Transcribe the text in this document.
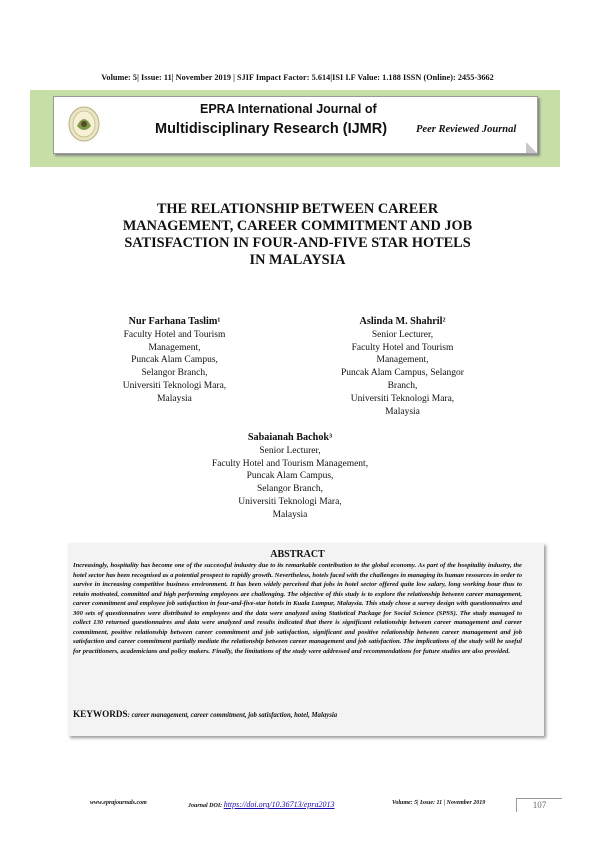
Volume: 5| Issue: 11| November 2019 | SJIF Impact Factor: 5.614|ISI I.F Value: 1.188 ISSN (Online): 2455-3662
EPRA International Journal of
Multidisciplinary Research (IJMR)	Peer Reviewed Journal
THE RELATIONSHIP BETWEEN CAREER
MANAGEMENT, CAREER COMMITMENT AND JOB
SATISFACTION IN FOUR-AND-FIVE STAR HOTELS
IN MALAYSIA
Nur Farhana Taslim¹
Faculty Hotel and Tourism
Management,
Puncak Alam Campus,
Selangor Branch,
Universiti Teknologi Mara,
Malaysia
Aslinda M. Shahril²
Senior Lecturer,
Faculty Hotel and Tourism
Management,
Puncak Alam Campus, Selangor
Branch,
Universiti Teknologi Mara,
Malaysia
Sabaianah Bachok³
Senior Lecturer,
Faculty Hotel and Tourism Management,
Puncak Alam Campus,
Selangor Branch,
Universiti Teknologi Mara,
Malaysia
ABSTRACT
Increasingly, hospitality has become one of the successful industry due to its remarkable contribution to the global economy. As part of the hospitality industry, the hotel sector has been recognised as a potential prospect to rapidly growth. Nevertheless, hotels faced with the challenges in managing its human resources in order to survive in increasing competitive business environment. It has been widely perceived that jobs in hotel sector offered quite low salary, long working hour thus to retain motivated, committed and high performing employees are challenging. The objective of this study is to explore the relationship between career management, career commitment and employee job satisfaction in four-and-five-star hotels in Kuala Lumpur, Malaysia. This study chose a survey design with questionnaires and 300 sets of questionnaires were distributed to employees and the data were analyzed using Statistical Package for Social Science (SPSS). The study managed to collect 130 returned questionnaires and data were analyzed and results indicated that there is significant relationship between career management and career commitment, positive relationship between career commitment and job satisfaction, significant and positive relationship between career management and job satisfaction and career commitment partially mediate the relationship between career management and job satisfaction. The implications of the study will be useful for practitioners, academicians and policy makers. Finally, the limitations of the study were addressed and recommendations for future studies are also provided.
KEYWORDS: career management, career commitment, job satisfaction, hotel, Malaysia
www.eprajournals.com	Journal DOI: https://doi.org/10.36713/epra2013	Volume: 5| Issue: 11 | November 2019	107
